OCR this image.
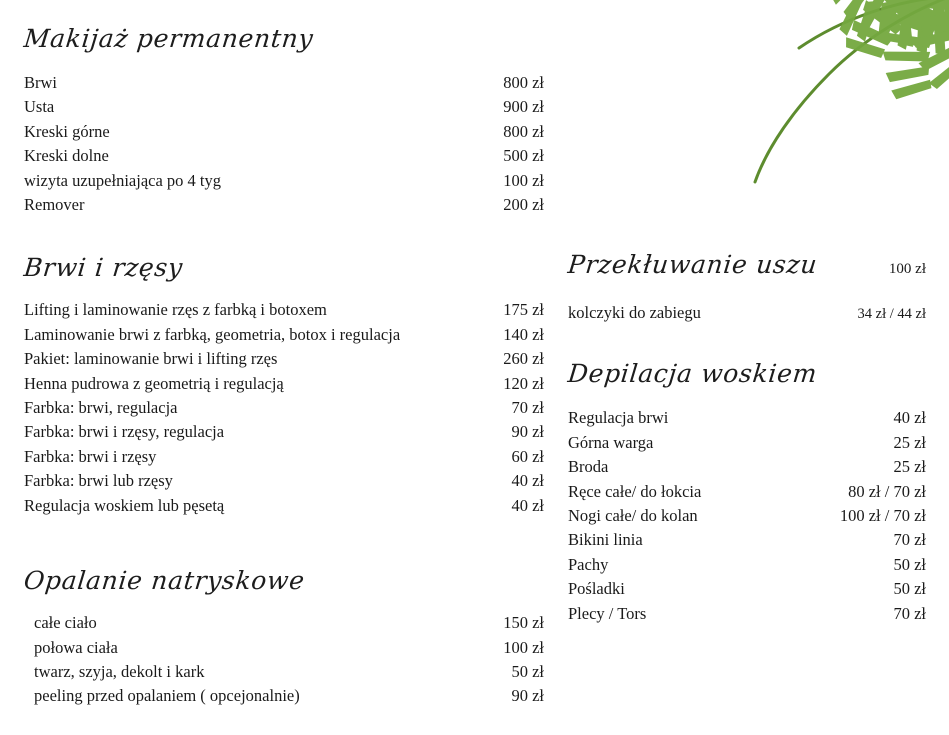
Makijaż permanentny
Brwi	800 zł
Usta	900 zł
Kreski górne	800 zł
Kreski dolne	500 zł
wizyta uzupełniająca po 4 tyg	100 zł
Remover	200 zł
Brwi i rzęsy
Lifting i laminowanie rzęs z farbką i botoxem	175 zł
Laminowanie brwi z farbką, geometria, botox i regulacja	140 zł
Pakiet: laminowanie brwi i lifting rzęs	260 zł
Henna pudrowa z geometrią i regulacją	120 zł
Farbka: brwi, regulacja	70 zł
Farbka: brwi i rzęsy, regulacja	90 zł
Farbka: brwi i rzęsy	60 zł
Farbka: brwi lub rzęsy	40 zł
Regulacja woskiem lub pęsetą	40 zł
Opalanie natryskowe
całe ciało	150 zł
połowa ciała	100 zł
twarz, szyja, dekolt i kark	50 zł
peeling przed opalaniem ( opcejonalnie)	90 zł
Przekłuwanie uszu	100 zł
kolczyki do zabiegu	34 zł / 44 zł
Depilacja woskiem
Regulacja brwi	40 zł
Górna warga	25 zł
Broda	25 zł
Ręce całe/ do łokcia	80 zł / 70 zł
Nogi całe/ do kolan	100 zł / 70 zł
Bikini linia	70 zł
Pachy	50 zł
Pośladki	50 zł
Plecy / Tors	70 zł
